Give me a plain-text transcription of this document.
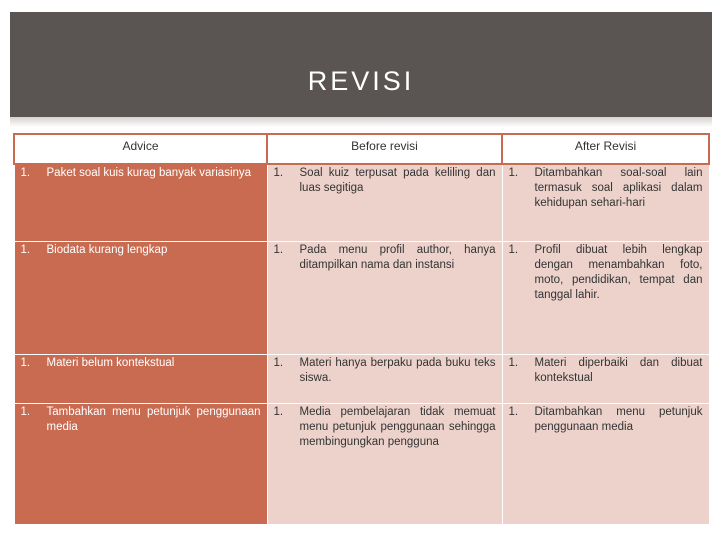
REVISI
Advice	Before revisi	After Revisi

1. Paket soal kuis kurag banyak variasinya	1. Soal kuiz terpusat pada keliling dan luas segitiga	1. Ditambahkan soal-soal lain termasuk soal aplikasi dalam kehidupan sehari-hari

1. Biodata kurang lengkap	1. Pada menu profil author, hanya ditampilkan nama dan instansi	1. Profil dibuat lebih lengkap dengan menambahkan foto, moto, pendidikan, tempat dan tanggal lahir.

1. Materi belum kontekstual	1. Materi hanya berpaku pada buku teks siswa.	1. Materi diperbaiki dan dibuat kontekstual

1. Tambahkan menu petunjuk penggunaan media	1. Media pembelajaran tidak memuat menu petunjuk penggunaan sehingga membingungkan pengguna	1. Ditambahkan menu petunjuk penggunaan media
